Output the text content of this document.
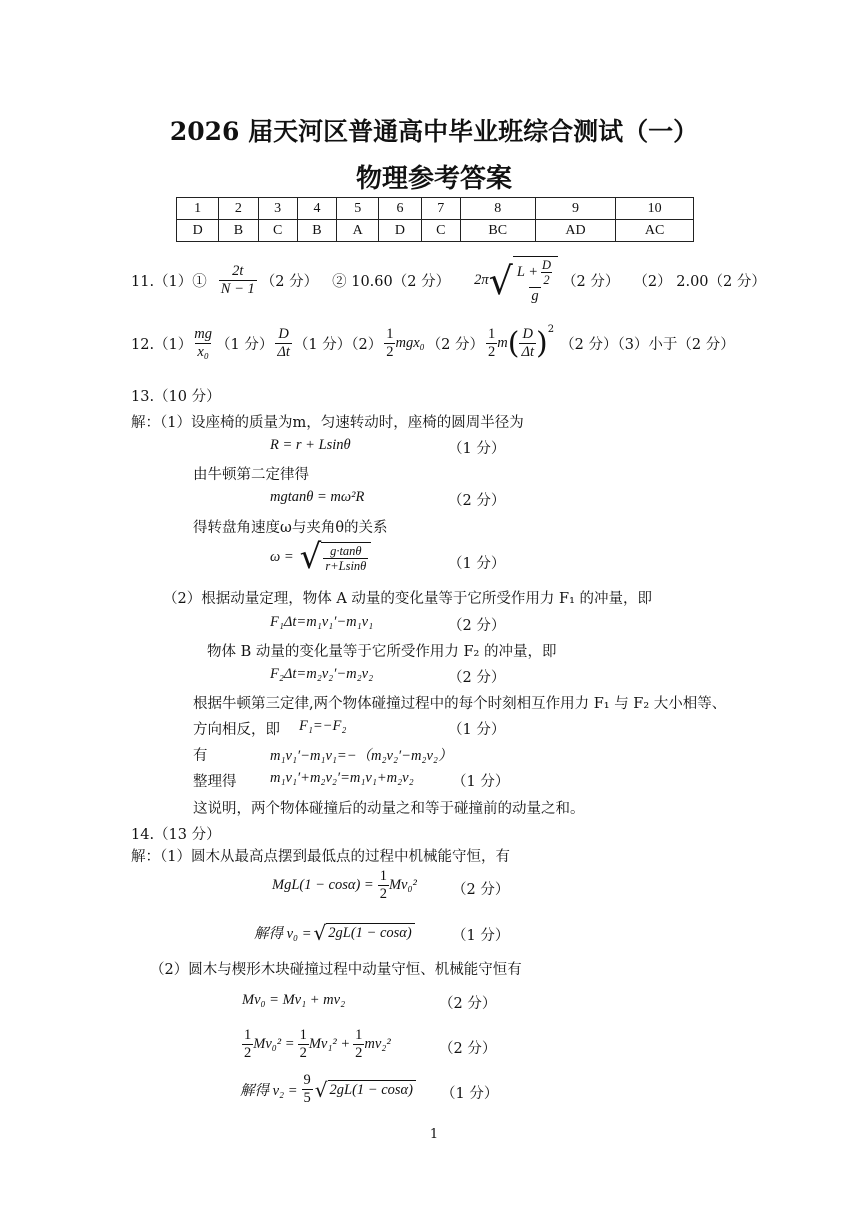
2026 届天河区普通高中毕业班综合测试（一）
物理参考答案
1	2	3	4	5	6	7	8	9	10
D	B	C	B	A	D	C	BC	AD	AC
11.（1）① $\frac{2t}{N - 1} (2$ 分） ② 10.60（2 分） 2π √ $\frac{L + \frac{D}{2}}{g} (2$ 分） （2） 2.00（2 分）
$12.(1) \frac{mg}{\text{x₀}} (1$ 分） $\frac{D}{\Delta t} (1$ 分）$(2) \frac{1}{2} mgx_0$ （2 分） $\frac{1}{2}$ m ( $\frac{D}{\Delta t}$ ) 2
（2 分）（3）小于（2 分）
13.（10 分）
解：（1）设座椅的质量为m，匀速转动时，座椅的圆周半径为
R = r + Lsinθ	（1 分）
由牛顿第二定律得
mgtanθ = mω²R	（2 分）
得转盘角速度ω与夹角θ的关系
ω = √ $\frac{g\cdot\tan\theta}{r+Lsin\theta}$	（1 分）
（2）根据动量定理，物体 A 动量的变化量等于它所受作用力 F₁ 的冲量，即
F₁Δt=m₁v₁′−m₁v₁	（2 分）
物体 B 动量的变化量等于它所受作用力 F₂ 的冲量，即
F₂Δt=m₂v₂′−m₂v₂	（2 分）
根据牛顿第三定律,两个物体碰撞过程中的每个时刻相互作用力 F₁ 与 F₂ 大小相等、
方向相反，即 F₁=−F₂	（1 分）
有	m₁v₁′−m₁v₁=−（m₂v₂′−m₂v₂）
整理得 m₁v₁′+m₂v₂′=m₁v₁+m₂v₂	（1 分）
这说明，两个物体碰撞后的动量之和等于碰撞前的动量之和。
14.（13 分）
解：（1）圆木从最高点摆到最低点的过程中机械能守恒，有
$MgL(1 - \cos\alpha) = \frac{1}{2} Mv_0^2$ （2 分）
解得 v₀ = √ 2gL(1 − cosα)	（1 分）
（2）圆木与楔形木块碰撞过程中动量守恒、机械能守恒有
Mv₀ = Mv₁ + mv₂	（2 分）
$\frac{1}{2} Mv_0^2 = \frac{1}{2} Mv_1^2 + \frac{1}{2} mv_2^2$	（2 分）
解得 $v_2 = \frac{9}{5}$ √ 2gL(1 − cosα) （1 分）
1
